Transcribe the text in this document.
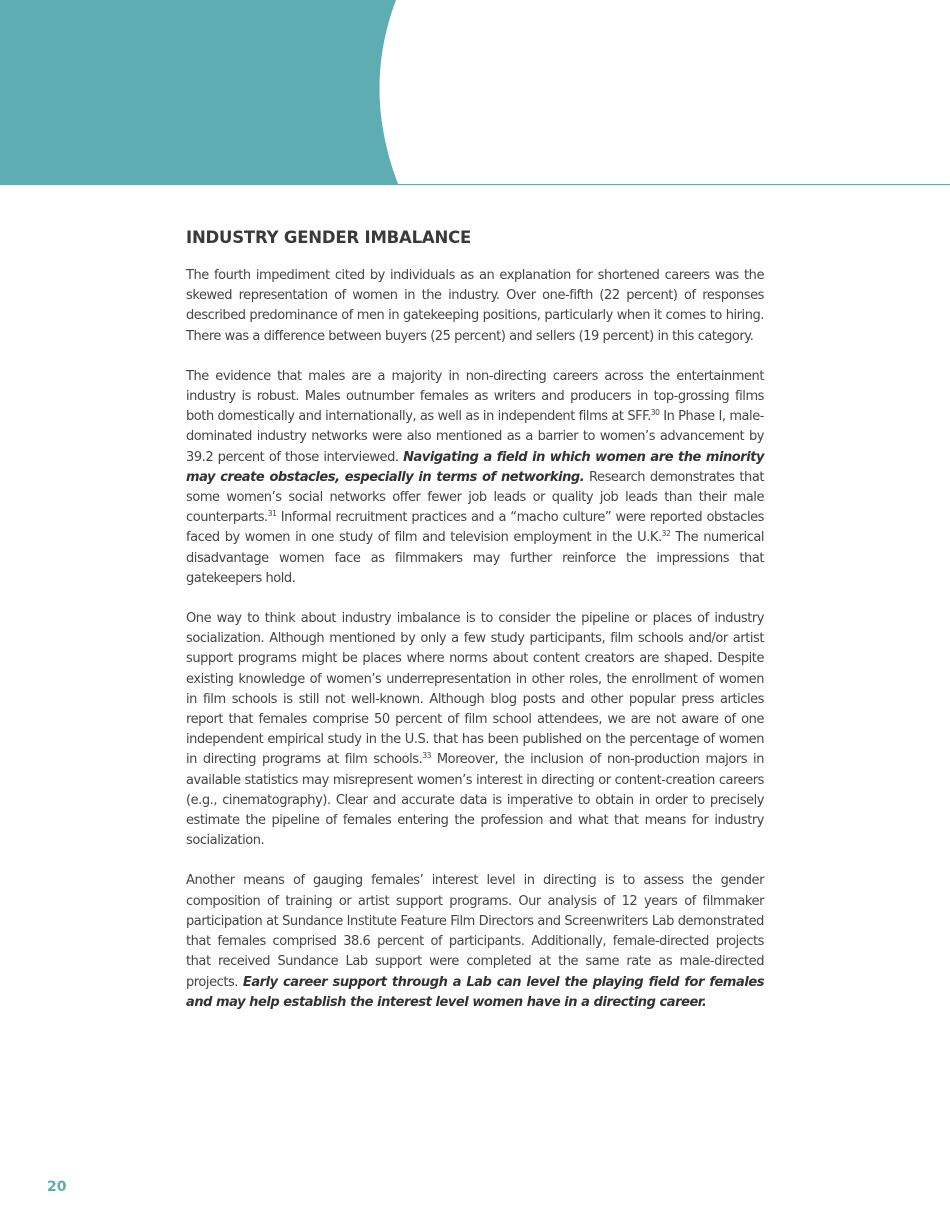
INDUSTRY GENDER IMBALANCE

The fourth impediment cited by individuals as an explanation for shortened careers was the skewed representation of women in the industry. Over one-fifth (22 percent) of responses described predominance of men in gatekeeping positions, particularly when it comes to hiring. There was a difference between buyers (25 percent) and sellers (19 percent) in this category.

The evidence that males are a majority in non-directing careers across the entertainment industry is robust. Males outnumber females as writers and producers in top-grossing films both domestically and internationally, as well as in independent films at SFF.$^{30}$ In Phase I, male-dominated industry networks were also mentioned as a barrier to women’s advancement by 39.2 percent of those interviewed. Navigating a field in which women are the minority may create obstacles, especially in terms of networking. Research demonstrates that some women’s social networks offer fewer job leads or quality job leads than their male counterparts.$^{31}$ Informal recruitment practices and a “macho culture” were reported obstacles faced by women in one study of film and television employment in the U.K.$^{32}$ The numerical disadvantage women face as filmmakers may further reinforce the impressions that gatekeepers hold.

One way to think about industry imbalance is to consider the pipeline or places of industry socialization. Although mentioned by only a few study participants, film schools and/or artist support programs might be places where norms about content creators are shaped. Despite existing knowledge of women’s underrepresentation in other roles, the enrollment of women in film schools is still not well-known. Although blog posts and other popular press articles report that females comprise 50 percent of film school attendees, we are not aware of one independent empirical study in the U.S. that has been published on the percentage of women in directing programs at film schools.$^{33}$ Moreover, the inclusion of non-production majors in available statistics may misrepresent women’s interest in directing or content-creation careers (e.g., cinematography). Clear and accurate data is imperative to obtain in order to precisely estimate the pipeline of females entering the profession and what that means for industry socialization.

Another means of gauging females’ interest level in directing is to assess the gender composition of training or artist support programs. Our analysis of 12 years of filmmaker participation at Sundance Institute Feature Film Directors and Screenwriters Lab demonstrated that females comprised 38.6 percent of participants. Additionally, female-directed projects that received Sundance Lab support were completed at the same rate as male-directed projects. Early career support through a Lab can level the playing field for females and may help establish the interest level women have in a directing career.

20
